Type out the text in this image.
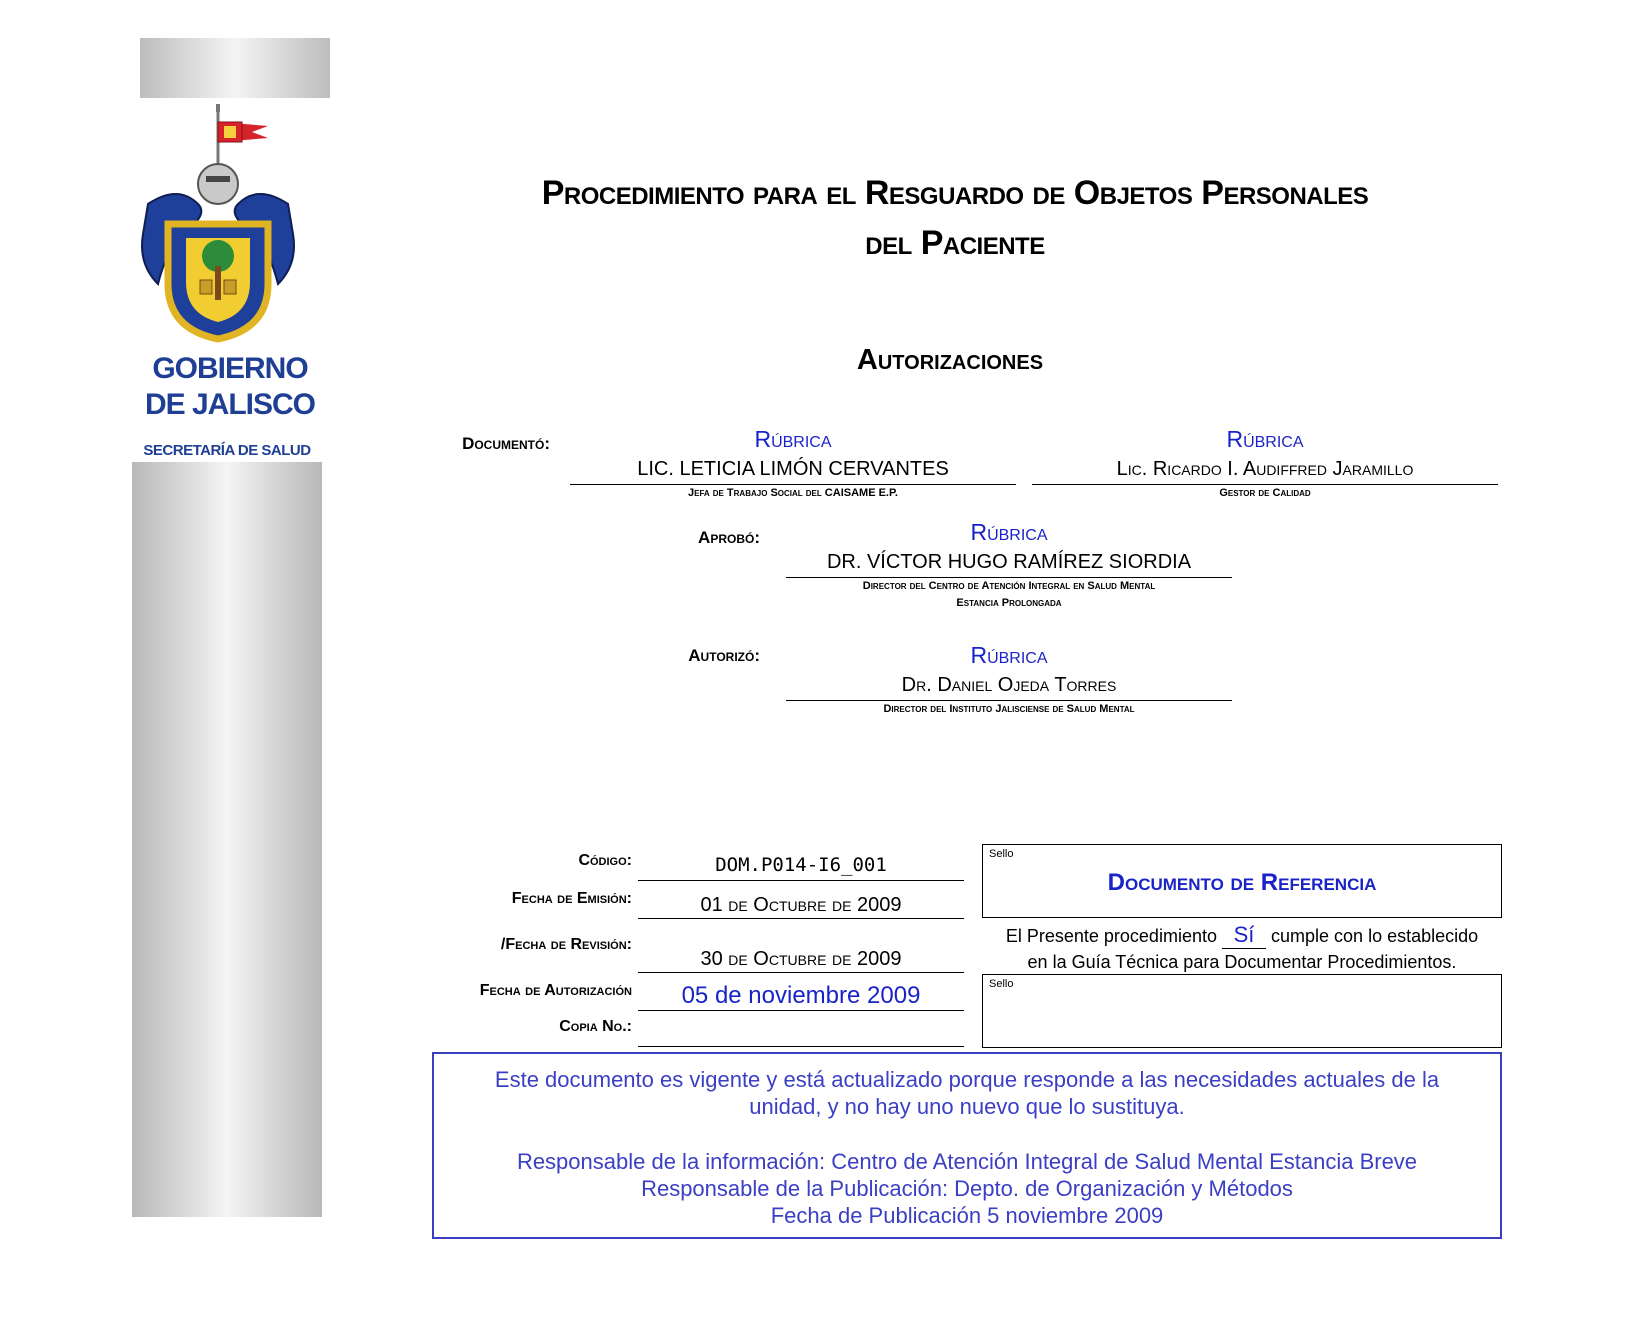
GOBIERNO
DE JALISCO
SECRETARÍA DE SALUD
Procedimiento para el Resguardo de Objetos Personales
del Paciente
Autorizaciones
Documentó:	Rúbrica
LIC. LETICIA LIMÓN CERVANTES
Jefa de Trabajo Social del CAISAME E.P.
Rúbrica
Lic. Ricardo I. Audiffred Jaramillo
Gestor de Calidad
Aprobó:	Rúbrica
DR. VÍCTOR HUGO RAMÍREZ SIORDIA
Director del Centro de Atención Integral en Salud Mental
Estancia Prolongada
Autorizó:	Rúbrica
Dr. Daniel Ojeda Torres
Director del Instituto Jalisciense de Salud Mental
Código:	DOM.P014-I6_001
Fecha de Emisión:	01 de Octubre de 2009
/Fecha de Revisión:
30 de Octubre de 2009
Fecha de Autorización	05 de noviembre 2009
Copia No.:
Sello
Documento de Referencia
El Presente procedimiento Sí cumple con lo establecido
en la Guía Técnica para Documentar Procedimientos.
Sello

Este documento es vigente y está actualizado porque responde a las necesidades actuales de la

unidad, y no hay uno nuevo que lo sustituya.

Responsable de la información: Centro de Atención Integral de Salud Mental Estancia Breve

Responsable de la Publicación: Depto. de Organización y Métodos

Fecha de Publicación 5 noviembre 2009
